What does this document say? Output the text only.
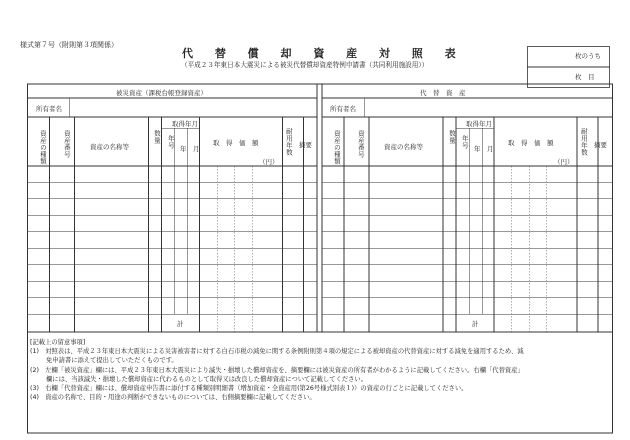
様式第７号（附則第３項関係）
代 替 償 却 資 産 対 照 表
（平成２３年東日本大震災による被災代替償却資産特例申請書（共同利用施設用））
枚のうち
枚　目
被災資産（課税台帳登録資産）
所有者名
資産の種類 資産番号	資産の名称等
数量
取得年月
年号 年 月
取　得　価　額
（円）
耐用年数 摘要
計
代　替　資　産
所有者名
資産の種類 資産番号	資産の名称等
数量
取得年月
年号 年 月
取　得　価　額
（円）
耐用年数 摘要
計
[記載上の留意事項]
(1)　対照表は、平成２３年東日本大震災による災害被害者に対する白石市税の減免に関する条例附則第４項の規定による被却資産の代替資産に対する減免を適用するため、減
免申請書に添えて提出していただくものです。
(2)　左欄「被災資産」欄には、平成２３年東日本大震災により滅失・損壊した償却資産を、摘要欄には被災資産の所有者がわかるように記載してください。右欄「代替資産」
欄には、当該滅失・損壊した償却資産に代わるものとして取得又は改良した償却資産について記載してください。
(3)　右欄「代替資産」欄には、償却資産申告書に添付する種類別明細書（増加資産・全資産用(第26号様式別表１)）の資産の行ごとに記載してください。
(4)　資産の名称で、目的・用途の判断ができないものについては、右側摘要欄に記載してください。
